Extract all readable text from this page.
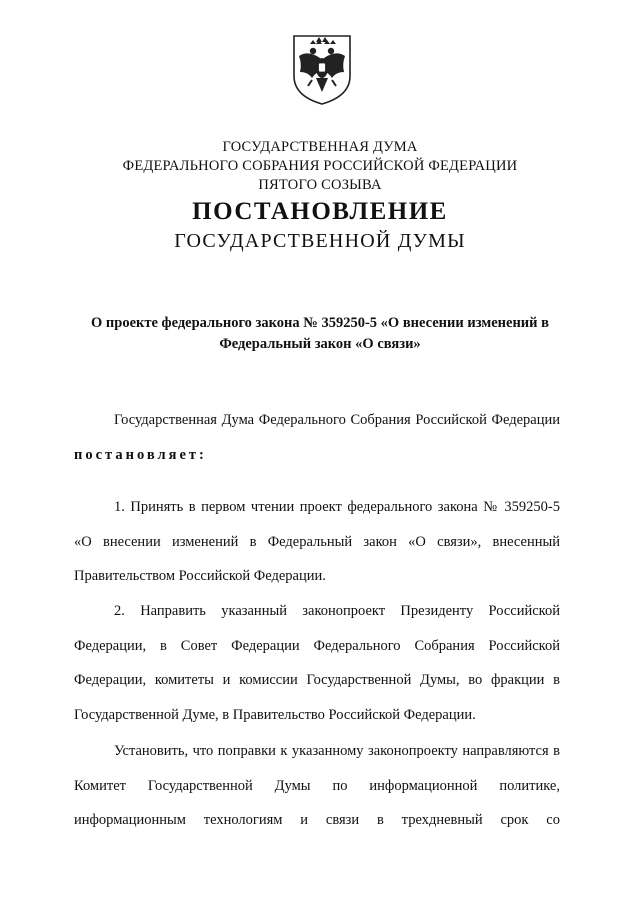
ГОСУДАРСТВЕННАЯ ДУМА
ФЕДЕРАЛЬНОГО СОБРАНИЯ РОССИЙСКОЙ ФЕДЕРАЦИИ
ПЯТОГО СОЗЫВА
ПОСТАНОВЛЕНИЕ
ГОСУДАРСТВЕННОЙ ДУМЫ
О проекте федерального закона № 359250-5 «О внесении изменений в
Федеральный закон «О связи»

Государственная Дума Федерального Собрания Российской Федерации постановляет:

1. Принять в первом чтении проект федерального закона № 359250-5 «О внесении изменений в Федеральный закон «О связи», внесенный Правительством Российской Федерации.

2. Направить указанный законопроект Президенту Российской Федерации, в Совет Федерации Федерального Собрания Российской Федерации, комитеты и комиссии Государственной Думы, во фракции в Государственной Думе, в Правительство Российской Федерации.

Установить, что поправки к указанному законопроекту направляются в Комитет Государственной Думы по информационной политике, информационным технологиям и связи в трехдневный срок со
